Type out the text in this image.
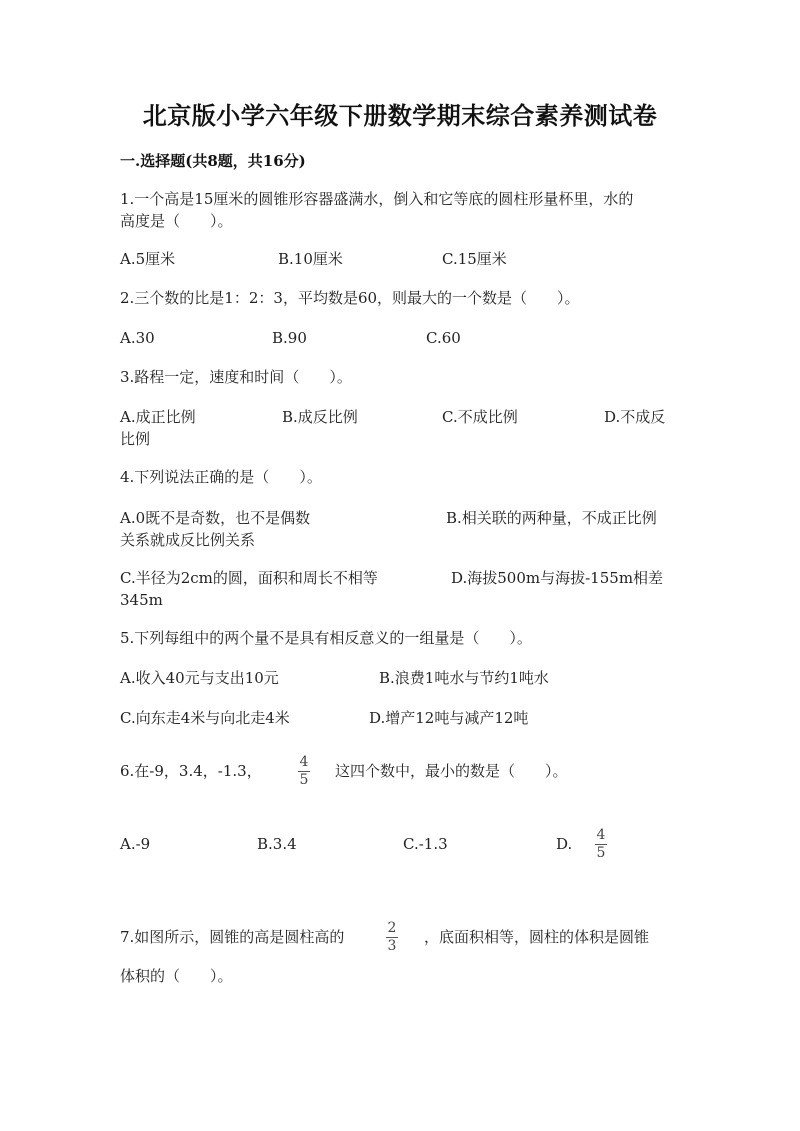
北京版小学六年级下册数学期末综合素养测试卷
一.选择题(共8题，共16分)
1.一个高是15厘米的圆锥形容器盛满水，倒入和它等底的圆柱形量杯里，水的
高度是（　　）。
A.5厘米	B.10厘米	C.15厘米
2.三个数的比是1：2：3，平均数是60，则最大的一个数是（　　）。
A.30	B.90	C.60
3.路程一定，速度和时间（　　）。
A.成正比例	B.成反比例	C.不成比例	D.不成反
比例
4.下列说法正确的是（　　）。
A.0既不是奇数，也不是偶数	B.相关联的两种量，不成正比例
关系就成反比例关系
C.半径为2cm的圆，面积和周长不相等	D.海拔500m与海拔-155m相差
345m
5.下列每组中的两个量不是具有相反意义的一组量是（　　）。
A.收入40元与支出10元	B.浪费1吨水与节约1吨水
C.向东走4米与向北走4米	D.增产12吨与减产12吨
6.在-9，3.4，-1.3，	4
5 这四个数中，最小的数是（　　）。
A.-9	B.3.4	C.-1.3	D. 4
5
7.如图所示，圆锥的高是圆柱高的	2
3 ，底面积相等，圆柱的体积是圆锥
体积的（　　）。
